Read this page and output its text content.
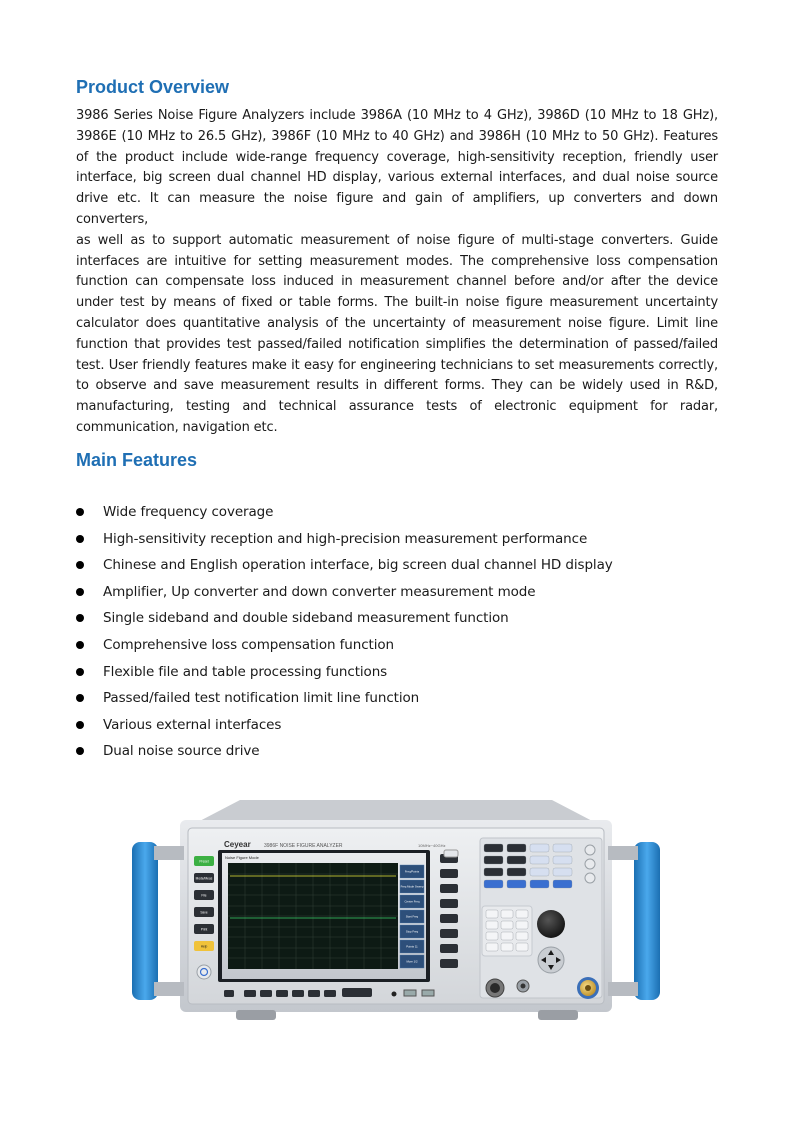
Product Overview
3986 Series Noise Figure Analyzers include 3986A (10 MHz to 4 GHz), 3986D (10 MHz to 18 GHz),
3986E (10 MHz to 26.5 GHz), 3986F (10 MHz to 40 GHz) and 3986H (10 MHz to 50 GHz). Features
of the product include wide-range frequency coverage, high-sensitivity reception, friendly user
interface, big screen dual channel HD display, various external interfaces, and dual noise source
drive etc. It can measure the noise figure and gain of amplifiers, up converters and down converters,
as well as to support automatic measurement of noise figure of multi-stage converters. Guide
interfaces are intuitive for setting measurement modes. The comprehensive loss compensation
function can compensate loss induced in measurement channel before and/or after the device
under test by means of fixed or table forms. The built-in noise figure measurement uncertainty
calculator does quantitative analysis of the uncertainty of measurement noise figure. Limit line
function that provides test passed/failed notification simplifies the determination of passed/failed
test. User friendly features make it easy for engineering technicians to set measurements correctly,
to observe and save measurement results in different forms. They can be widely used in R&D,
manufacturing, testing and technical assurance tests of electronic equipment for radar,
communication, navigation etc.
Main Features
Wide frequency coverage
High-sensitivity reception and high-precision measurement performance
Chinese and English operation interface, big screen dual channel HD display
Amplifier, Up converter and down converter measurement mode
Single sideband and double sideband measurement function
Comprehensive loss compensation function
Flexible file and table processing functions
Passed/failed test notification limit line function
Various external interfaces
Dual noise source drive
Ceyear	3986F NOISE FIGURE ANALYZER	10MHz~40GHz
Preset
Mode/Meas
File
Save
Print
Help
Noise Figure Mode
Freq/Points
Freq Mode Sweep
Center Freq
Start Freq
Stop Freq
Points 11
More 1/2
